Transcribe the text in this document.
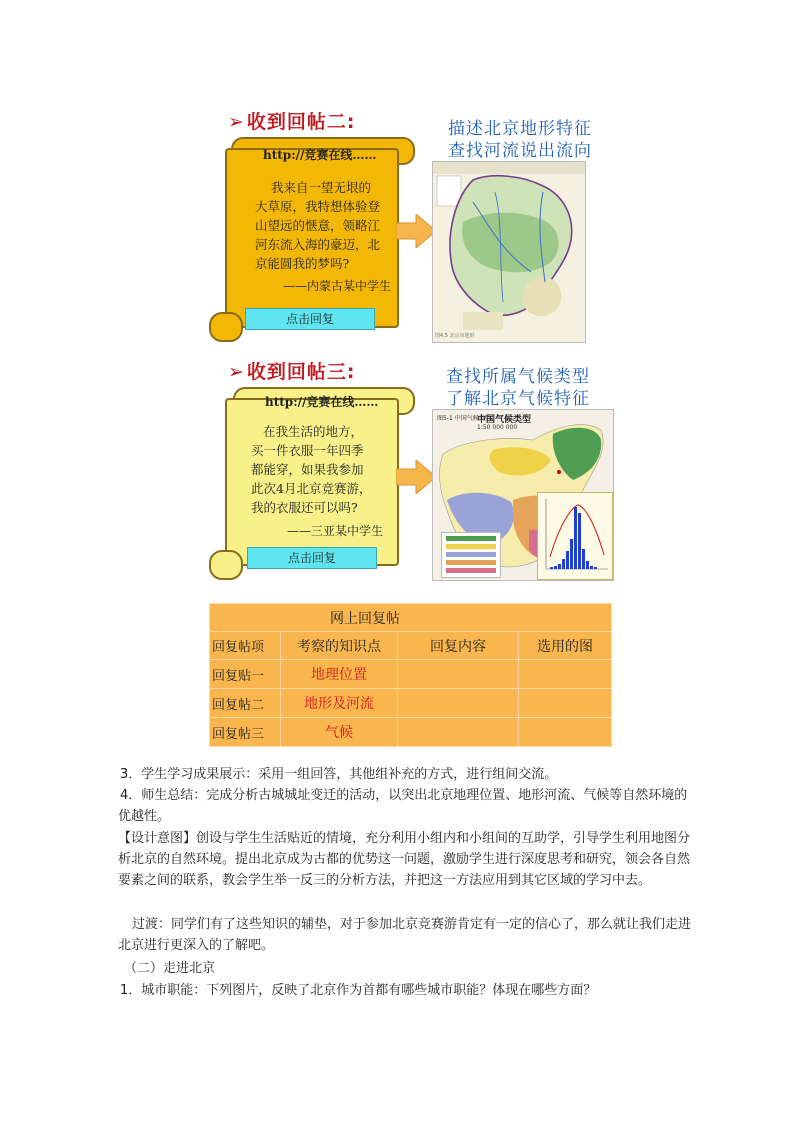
➢ 收到回帖二:
http://竞赛在线……
我来自一望无垠的
大草原，我特想体验登
山望远的惬意，领略江
河东流入海的豪迈，北
京能圆我的梦吗?
——内蒙古某中学生
点击回复
描述北京地形特征
查找河流说出流向
图4.5 北京市地形
➢ 收到回帖三:
http://竞赛在线……
在我生活的地方，
买一件衣服一年四季
都能穿，如果我参加
此次4月北京竞赛游，
我的衣服还可以吗?
——三亚某中学生
点击回复
查找所属气候类型
了解北京气候特征
图5-1 中国气候类型
中国气候类型
1:50 000 000
网上回复帖			
回复帖项	考察的知识点	回复内容	选用的图
回复贴一	地理位置		
回复帖二	地形及河流		
回复帖三	气候		
3．学生学习成果展示：采用一组回答，其他组补充的方式，进行组间交流。
4．师生总结：完成分析古城城址变迁的活动，以突出北京地理位置、地形河流、气候等自然环境的优越性。
【设计意图】创设与学生生活贴近的情境，充分利用小组内和小组间的互助学，引导学生利用地图分析北京的自然环境。提出北京成为古都的优势这一问题，激励学生进行深度思考和研究，领会各自然要素之间的联系，教会学生举一反三的分析方法，并把这一方法应用到其它区域的学习中去。
过渡：同学们有了这些知识的辅垫，对于参加北京竞赛游肯定有一定的信心了，那么就让我们走进北京进行更深入的了解吧。
（二）走进北京
1．城市职能：下列图片，反映了北京作为首都有哪些城市职能？体现在哪些方面？
